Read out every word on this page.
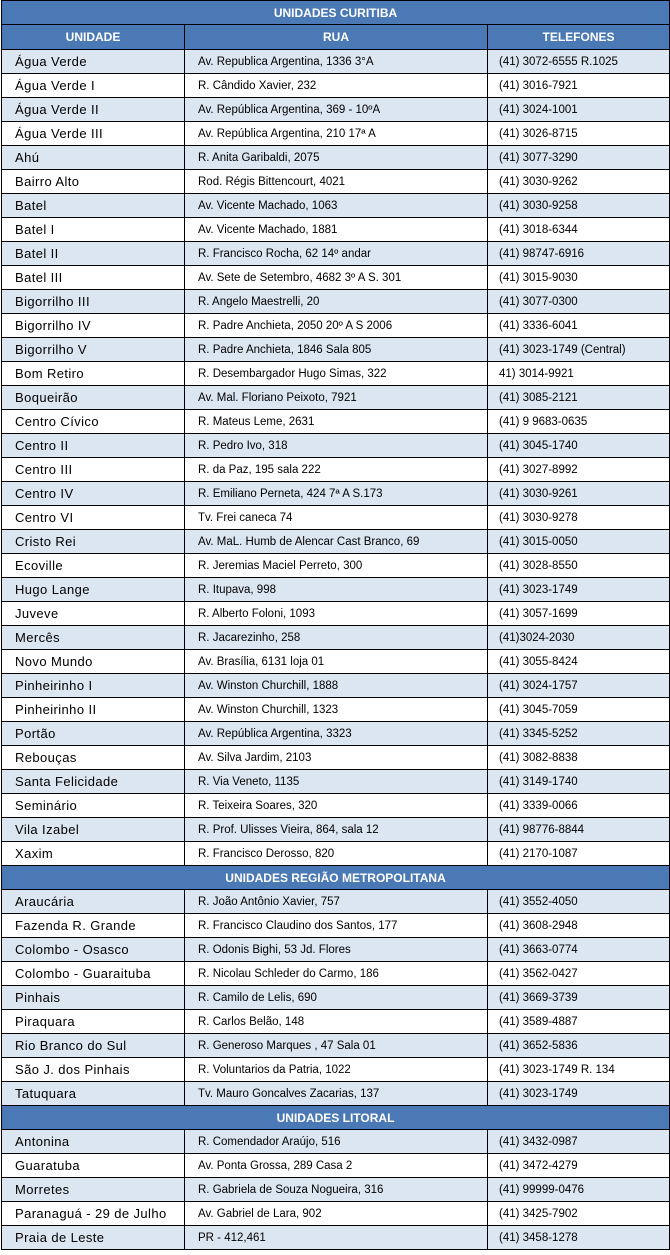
UNIDADES CURITIBA		
UNIDADE	RUA	TELEFONES
Água Verde	Av. Republica Argentina, 1336 3°A	(41) 3072-6555 R.1025
Água Verde I	R. Cândido Xavier, 232	(41) 3016-7921
Água Verde II	Av. República Argentina, 369 - 10ºA	(41) 3024-1001
Água Verde III	Av. República Argentina, 210 17ª A	(41) 3026-8715
Ahú	R. Anita Garibaldi, 2075	(41) 3077-3290
Bairro Alto	Rod. Régis Bittencourt, 4021	(41) 3030-9262
Batel	Av. Vicente Machado, 1063	(41) 3030-9258
Batel I	Av. Vicente Machado, 1881	(41) 3018-6344
Batel II	R. Francisco Rocha, 62 14º andar	(41) 98747-6916
Batel III	Av. Sete de Setembro, 4682 3º A S. 301	(41) 3015-9030
Bigorrilho III	R. Angelo Maestrelli, 20	(41) 3077-0300
Bigorrilho IV	R. Padre Anchieta, 2050 20º A S 2006	(41) 3336-6041
Bigorrilho V	R. Padre Anchieta, 1846 Sala 805	(41) 3023-1749 (Central)
Bom Retiro	R. Desembargador Hugo Simas, 322	41) 3014-9921
Boqueirão	Av. Mal. Floriano Peixoto, 7921	(41) 3085-2121
Centro Cívico	R. Mateus Leme, 2631	(41) 9 9683-0635
Centro II	R. Pedro Ivo, 318	(41) 3045-1740
Centro III	R. da Paz, 195 sala 222	(41) 3027-8992
Centro IV	R. Emiliano Perneta, 424 7ª A S.173	(41) 3030-9261
Centro VI	Tv. Frei caneca 74	(41) 3030-9278
Cristo Rei	Av. MaL. Humb de Alencar Cast Branco, 69	(41) 3015-0050
Ecoville	R. Jeremias Maciel Perreto, 300	(41) 3028-8550
Hugo Lange	R. Itupava, 998	(41) 3023-1749
Juveve	R. Alberto Foloni, 1093	(41) 3057-1699
Mercês	R. Jacarezinho, 258	(41)3024-2030
Novo Mundo	Av. Brasília, 6131 loja 01	(41) 3055-8424
Pinheirinho I	Av. Winston Churchill, 1888	(41) 3024-1757
Pinheirinho II	Av. Winston Churchill, 1323	(41) 3045-7059
Portão	Av. República Argentina, 3323	(41) 3345-5252
Rebouças	Av. Silva Jardim, 2103	(41) 3082-8838
Santa Felicidade	R. Via Veneto, 1135	(41) 3149-1740
Seminário	R. Teixeira Soares, 320	(41) 3339-0066
Vila Izabel	R. Prof. Ulisses Vieira, 864, sala 12	(41) 98776-8844
Xaxim	R. Francisco Derosso, 820	(41) 2170-1087
UNIDADES REGIÃO METROPOLITANA		
Araucária	R. João Antônio Xavier, 757	(41) 3552-4050
Fazenda R. Grande	R. Francisco Claudino dos Santos, 177	(41) 3608-2948
Colombo - Osasco	R. Odonis Bighi, 53 Jd. Flores	(41) 3663-0774
Colombo - Guaraituba	R. Nicolau Schleder do Carmo, 186	(41) 3562-0427
Pinhais	R. Camilo de Lelis, 690	(41) 3669-3739
Piraquara	R. Carlos Belão, 148	(41) 3589-4887
Rio Branco do Sul	R. Generoso Marques , 47 Sala 01	(41) 3652-5836
São J. dos Pinhais	R. Voluntarios da Patria, 1022	(41) 3023-1749 R. 134
Tatuquara	Tv. Mauro Goncalves Zacarias, 137	(41) 3023-1749
UNIDADES LITORAL		
Antonina	R. Comendador Araújo, 516	(41) 3432-0987
Guaratuba	Av. Ponta Grossa, 289 Casa 2	(41) 3472-4279
Morretes	R. Gabriela de Souza Nogueira, 316	(41) 99999-0476
Paranaguá - 29 de Julho	Av. Gabriel de Lara, 902	(41) 3425-7902
Praia de Leste	PR - 412,461	(41) 3458-1278
